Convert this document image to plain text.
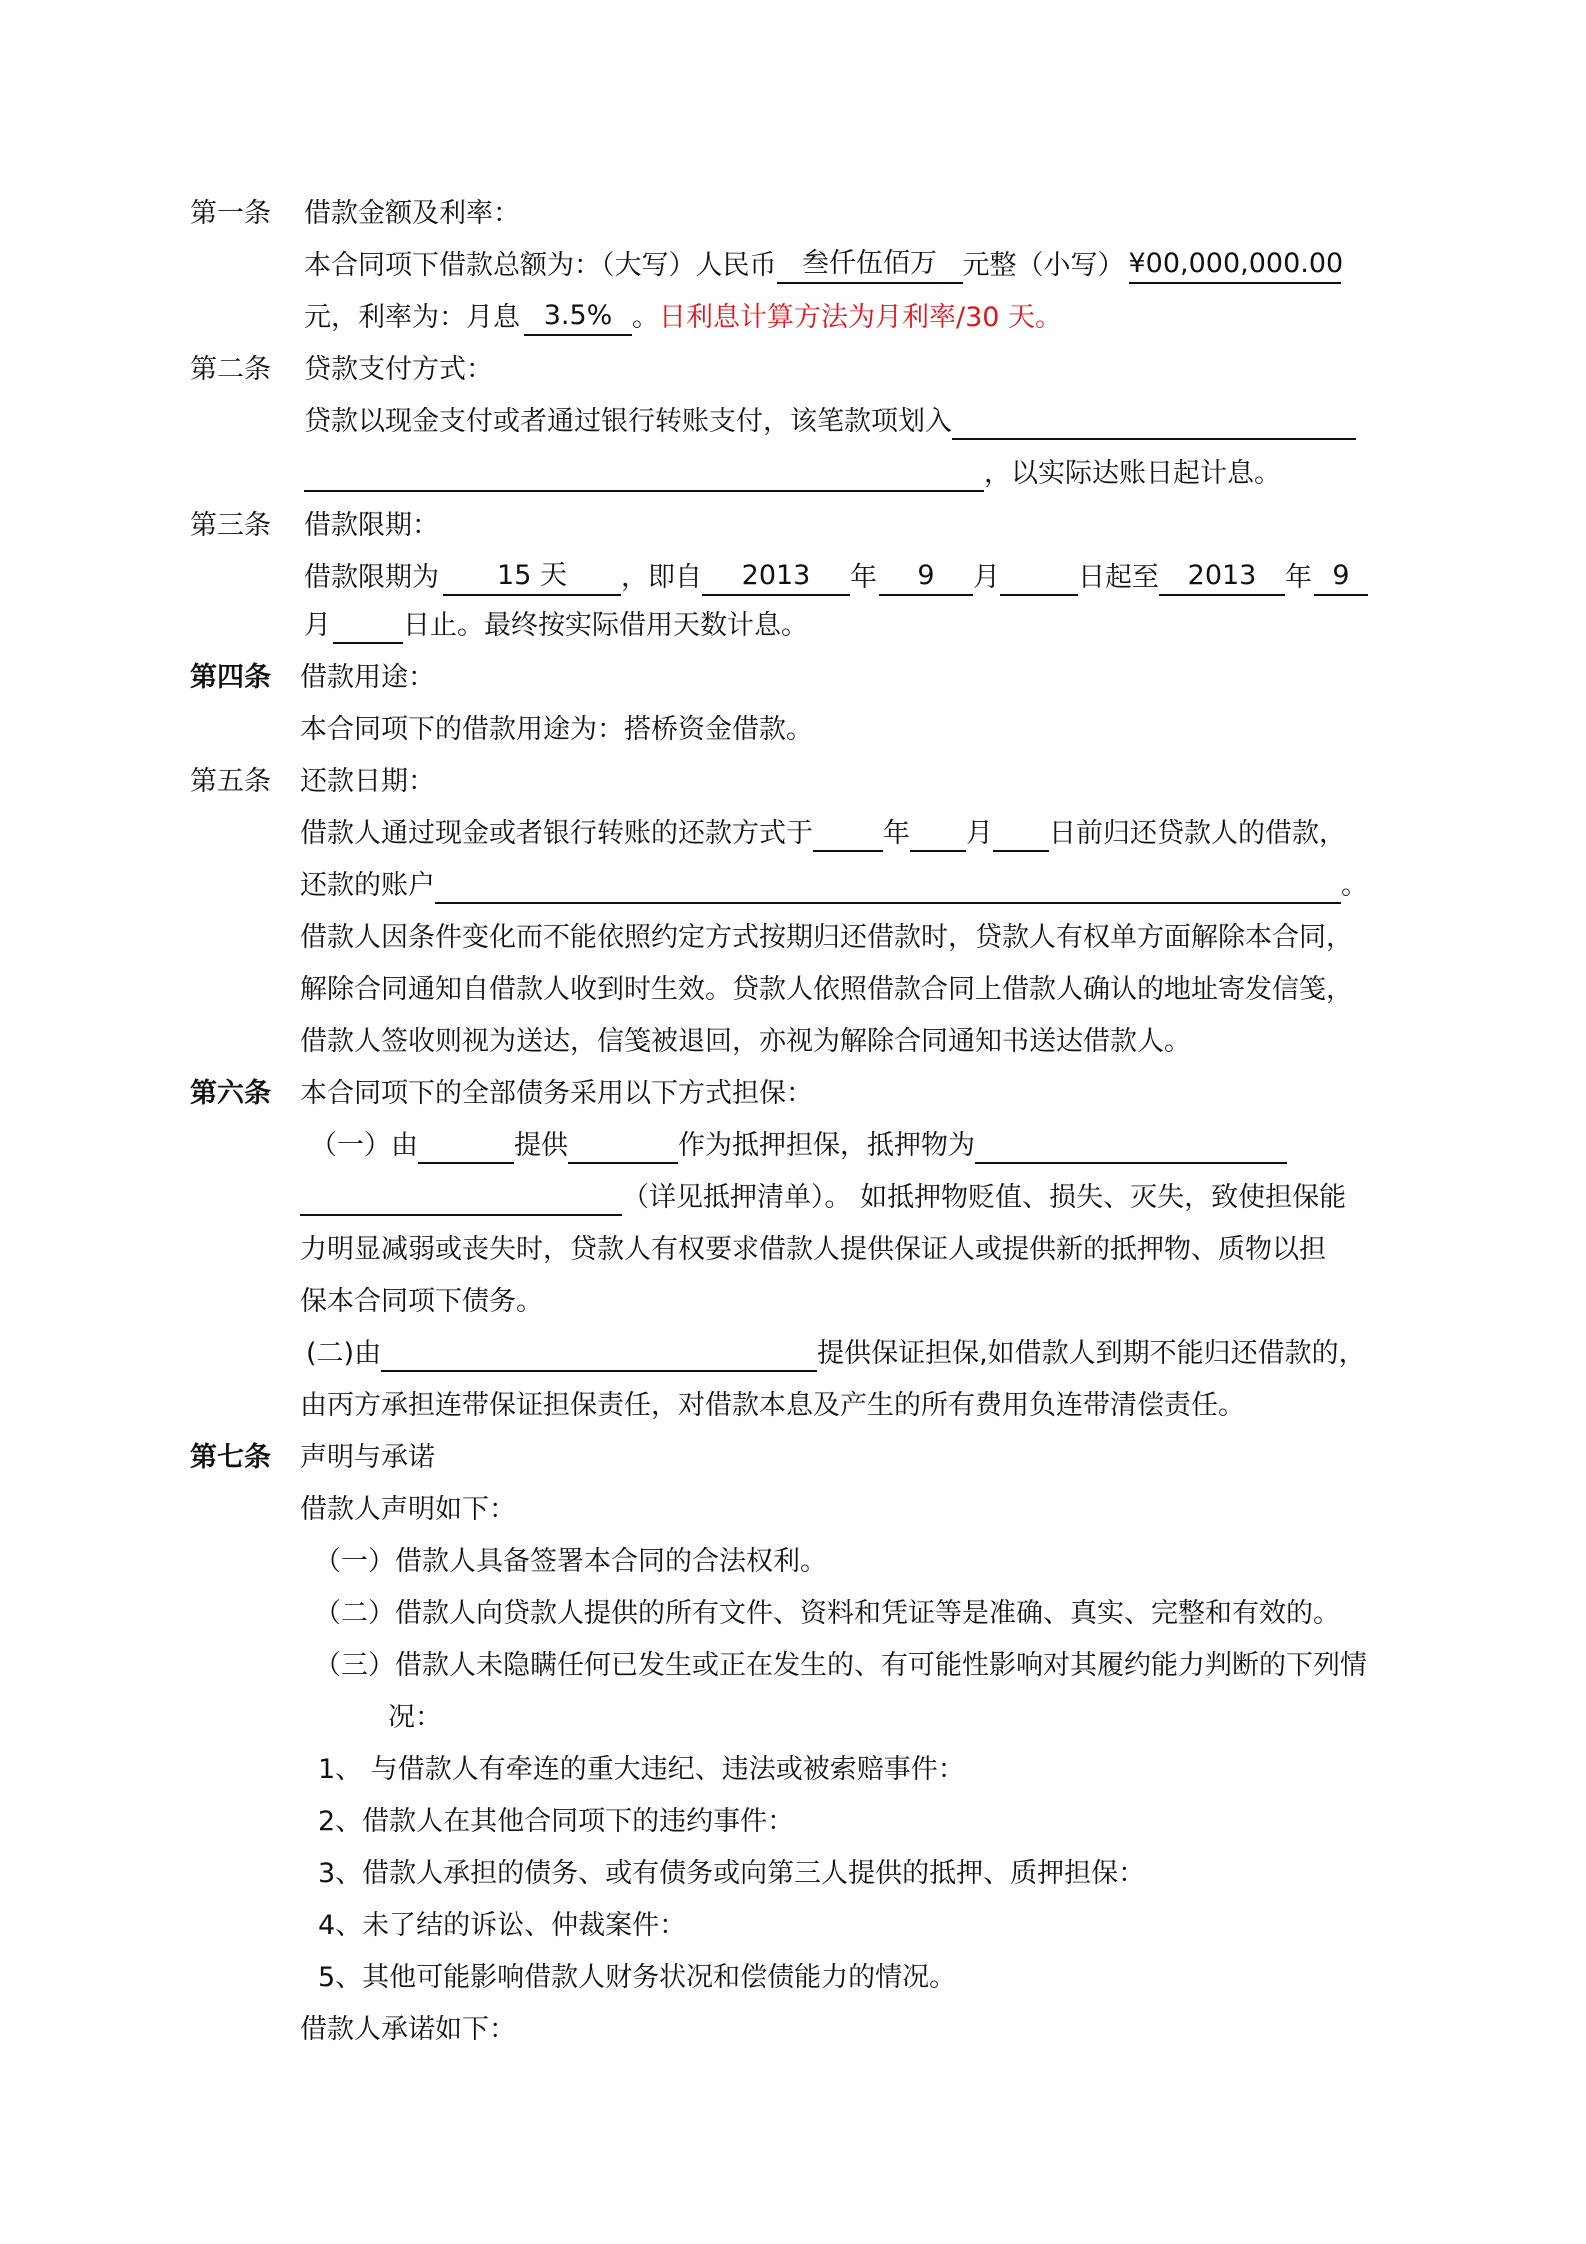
第一条 借款金额及利率：
本合同项下借款总额为：（大写）人民币 叁仟伍佰万 元整（小写） ¥00,000,000.00
元，利率为：月息 3.5% 。日利息计算方法为月利率/30 天。
第二条 贷款支付方式：
贷款以现金支付或者通过银行转账支付，该笔款项划入
，以实际达账日起计息。
第三条 借款限期：
借款限期为 15 天 ，即自 2013 年 9 月	日起至 2013 年 9
月	日止。最终按实际借用天数计息。
第四条 借款用途：
本合同项下的借款用途为：搭桥资金借款。
第五条 还款日期：
借款人通过现金或者银行转账的还款方式于	年 月 日前归还贷款人的借款，
还款的账户	。
借款人因条件变化而不能依照约定方式按期归还借款时，贷款人有权单方面解除本合同，
解除合同通知自借款人收到时生效。贷款人依照借款合同上借款人确认的地址寄发信笺，
借款人签收则视为送达，信笺被退回，亦视为解除合同通知书送达借款人。
第六条 本合同项下的全部债务采用以下方式担保：
（一）由	提供	作为抵押担保，抵押物为
（详见抵押清单）。 如抵押物贬值、损失、灭失，致使担保能
力明显减弱或丧失时，贷款人有权要求借款人提供保证人或提供新的抵押物、质物以担
保本合同项下债务。
(二)由	提供保证担保,如借款人到期不能归还借款的，
由丙方承担连带保证担保责任，对借款本息及产生的所有费用负连带清偿责任。
第七条 声明与承诺
借款人声明如下：
（一）借款人具备签署本合同的合法权利。
（二）借款人向贷款人提供的所有文件、资料和凭证等是准确、真实、完整和有效的。
（三）借款人未隐瞒任何已发生或正在发生的、有可能性影响对其履约能力判断的下列情
况：
1、 与借款人有牵连的重大违纪、违法或被索赔事件：
2、借款人在其他合同项下的违约事件：
3、借款人承担的债务、或有债务或向第三人提供的抵押、质押担保：
4、未了结的诉讼、仲裁案件：
5、其他可能影响借款人财务状况和偿债能力的情况。
借款人承诺如下：
